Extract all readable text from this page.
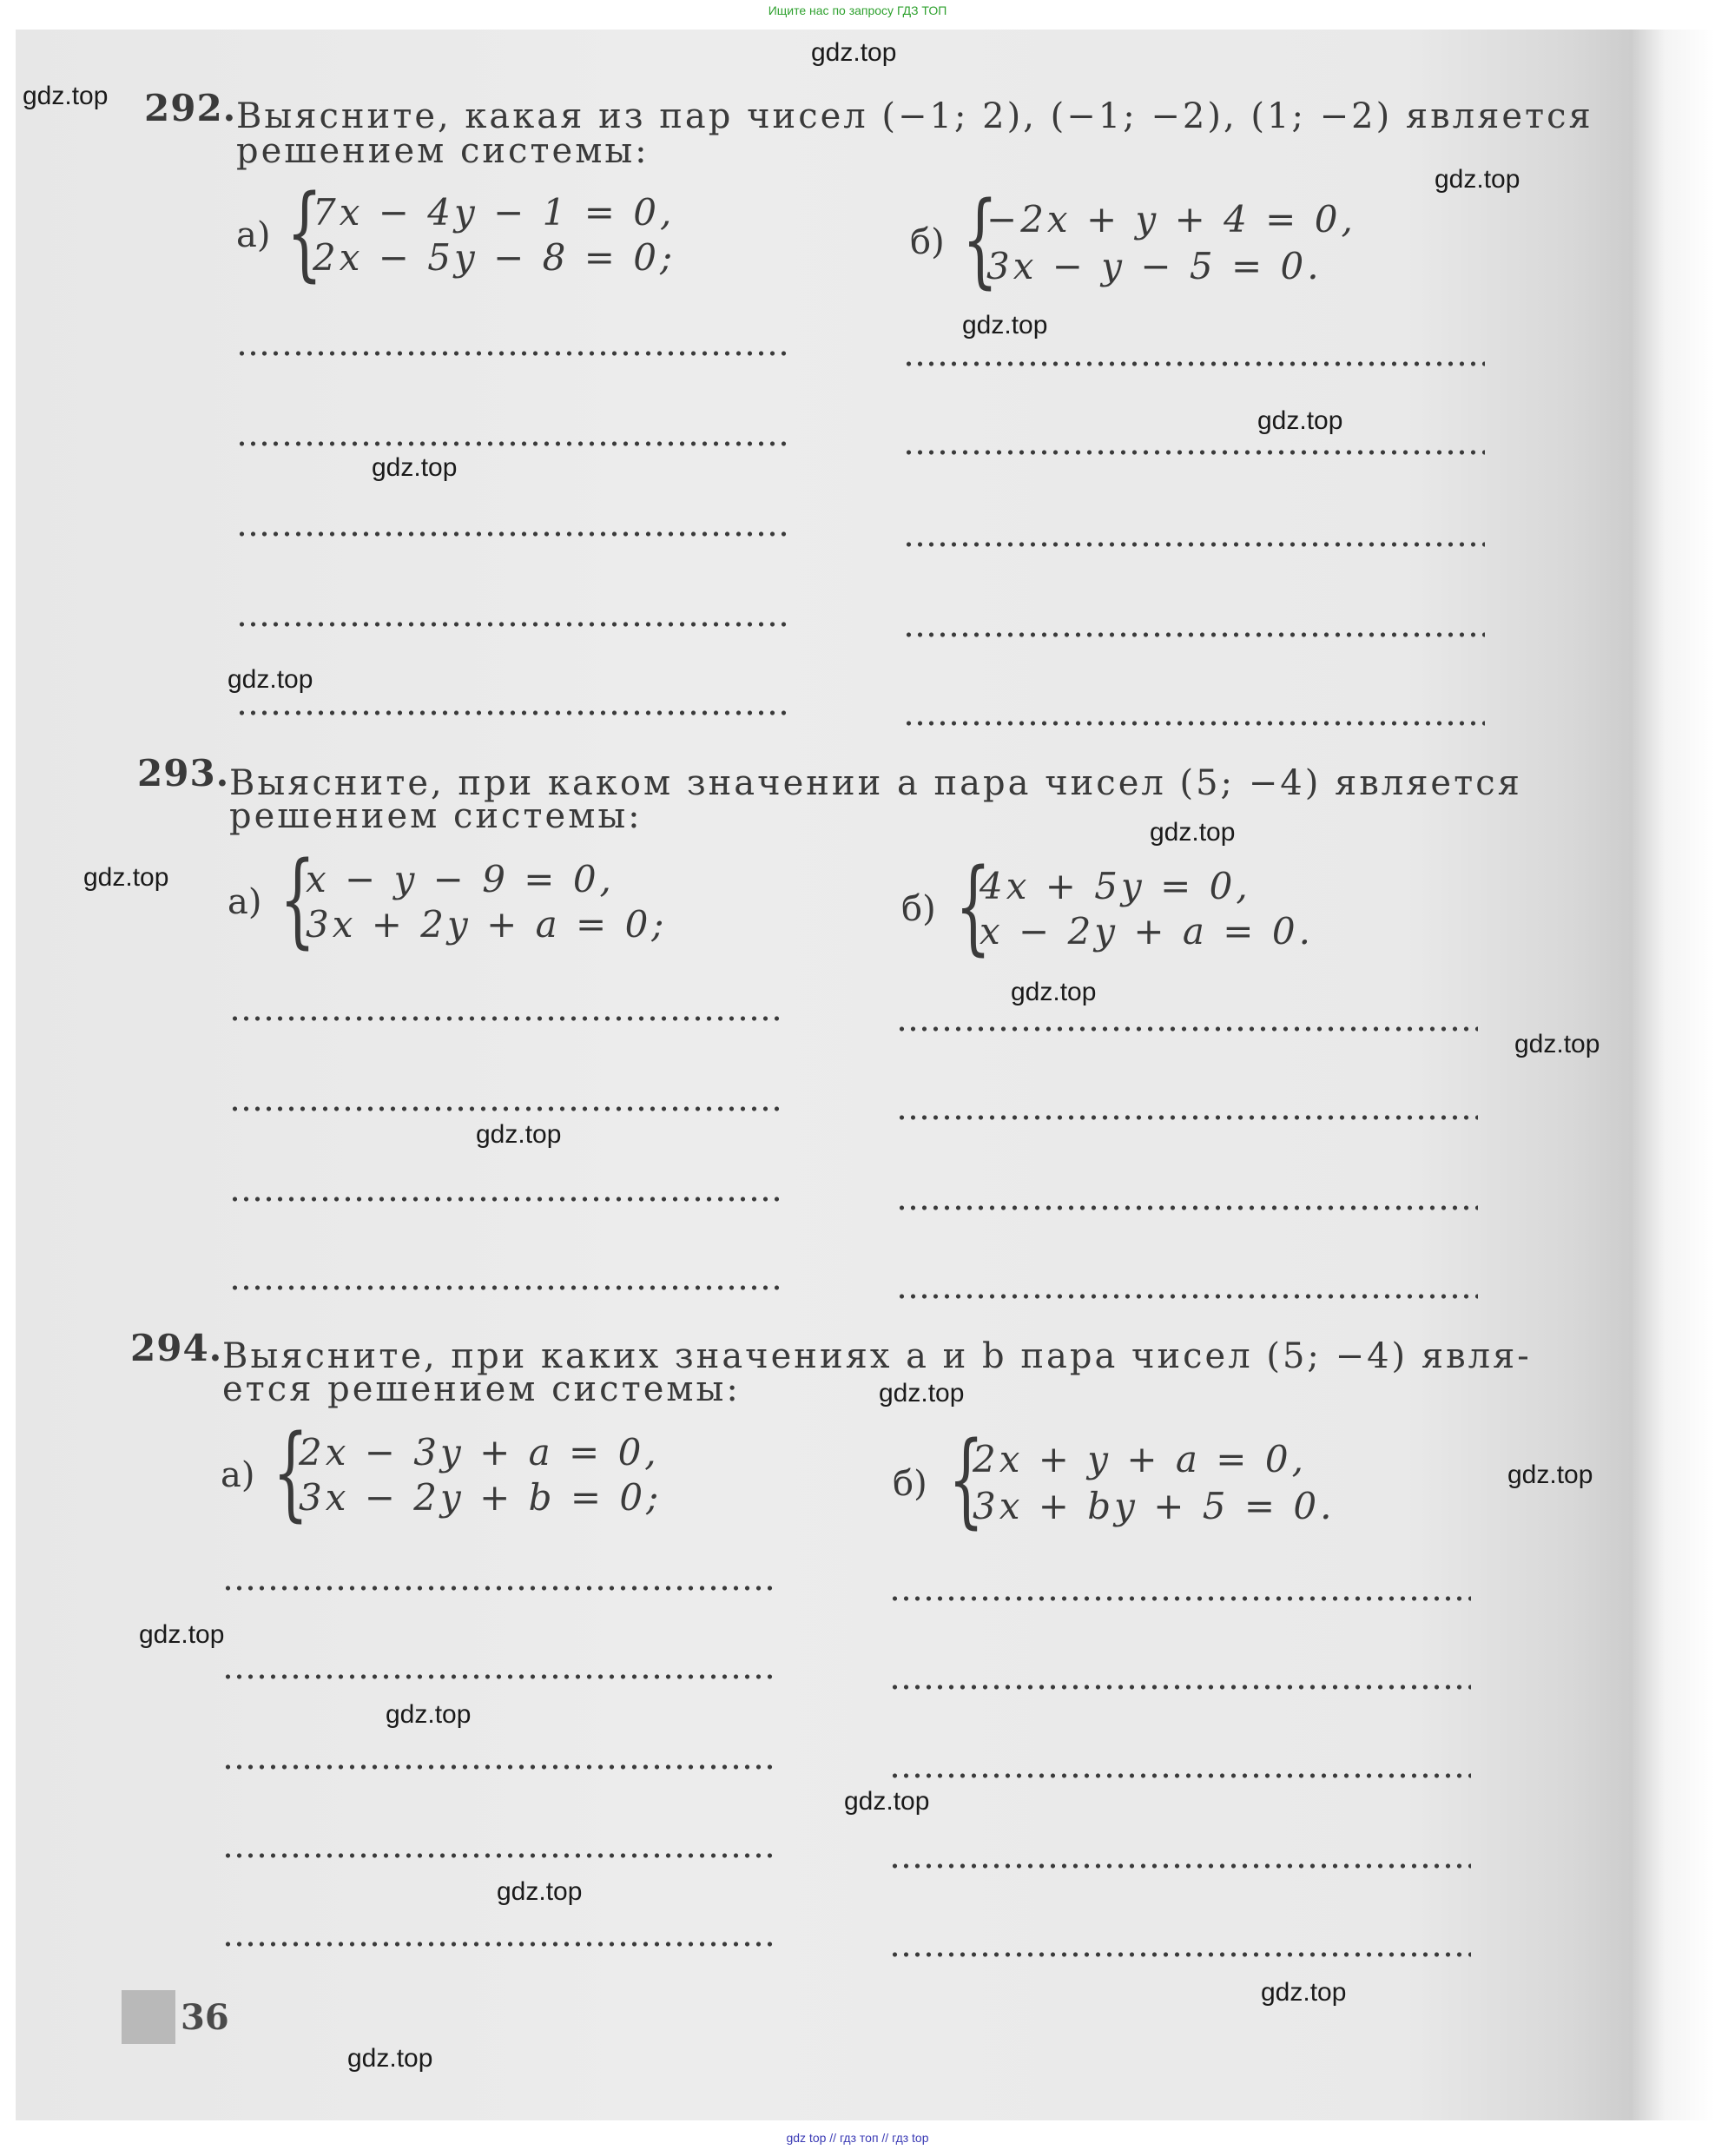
Ищите нас по запросу ГДЗ ТОП
292. Выясните, какая из пар чисел (−1; 2), (−1; −2), (1; −2) является
решением системы:
а) {
7x − 4y − 1 = 0,
2x − 5y − 8 = 0;	б) {
−2x + y + 4 = 0,
3x − y − 5 = 0.
293. Выясните, при каком значении a пара чисел (5; −4) является
решением системы:
а) {
x − y − 9 = 0,
3x + 2y + a = 0;	б) {
4x + 5y = 0,
x − 2y + a = 0.
294. Выясните, при каких значениях a и b пара чисел (5; −4) явля-
ется решением системы:
а) {
2x − 3y + a = 0,
3x − 2y + b = 0;	б) {
2x + y + a = 0,
3x + by + 5 = 0.
36
gdz.top
gdz.top
gdz.top
gdz.top
gdz.top
gdz.top
gdz.top
gdz.top
gdz.top
gdz.top
gdz.top
gdz.top
gdz.top
gdz.top
gdz.top
gdz.top
gdz.top
gdz.top
gdz.top
gdz.top
gdz top // гдз топ // гдз top
